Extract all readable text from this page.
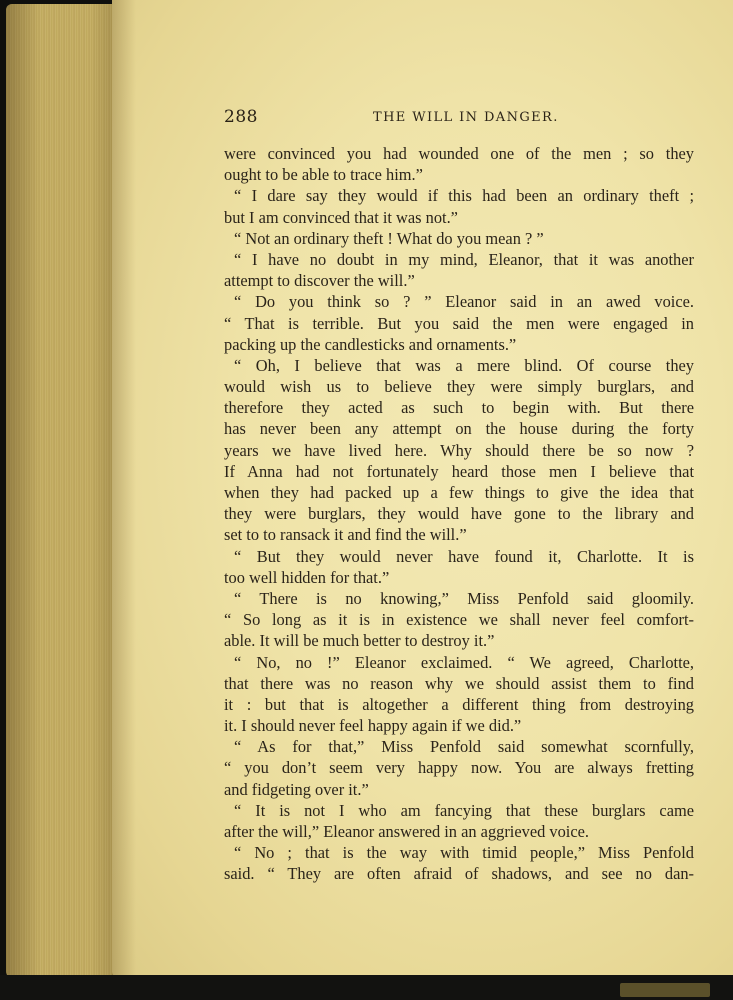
288	THE WILL IN DANGER.
were convinced you had wounded one of the men ; so they
ought to be able to trace him.”
“ I dare say they would if this had been an ordinary theft ;
but I am convinced that it was not.”
“ Not an ordinary theft ! What do you mean ? ”
“ I have no doubt in my mind, Eleanor, that it was another
attempt to discover the will.”
“ Do you think so ? ” Eleanor said in an awed voice.
“ That is terrible. But you said the men were engaged in
packing up the candlesticks and ornaments.”
“ Oh, I believe that was a mere blind. Of course they
would wish us to believe they were simply burglars, and
therefore they acted as such to begin with. But there
has never been any attempt on the house during the forty
years we have lived here. Why should there be so now ?
If Anna had not fortunately heard those men I believe that
when they had packed up a few things to give the idea that
they were burglars, they would have gone to the library and
set to to ransack it and find the will.”
“ But they would never have found it, Charlotte. It is
too well hidden for that.”
“ There is no knowing,” Miss Penfold said gloomily.
“ So long as it is in existence we shall never feel comfort-
able. It will be much better to destroy it.”
“ No, no !” Eleanor exclaimed. “ We agreed, Charlotte,
that there was no reason why we should assist them to find
it : but that is altogether a different thing from destroying
it. I should never feel happy again if we did.”
“ As for that,” Miss Penfold said somewhat scornfully,
“ you don’t seem very happy now. You are always fretting
and fidgeting over it.”
“ It is not I who am fancying that these burglars came
after the will,” Eleanor answered in an aggrieved voice.
“ No ; that is the way with timid people,” Miss Penfold
said. “ They are often afraid of shadows, and see no dan-
